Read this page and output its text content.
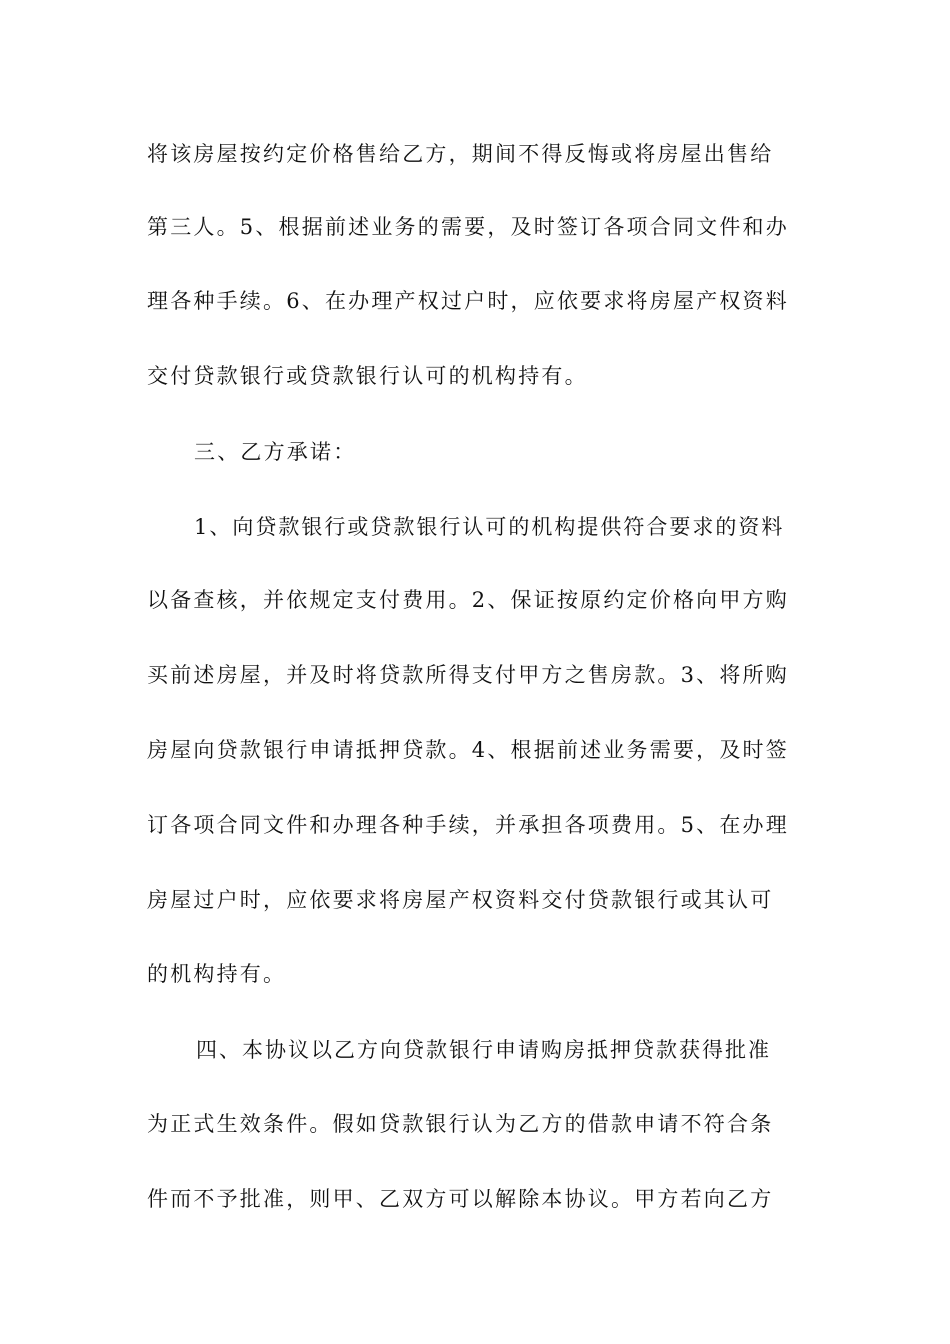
将该房屋按约定价格售给乙方，期间不得反悔或将房屋出售给
第三人。5、根据前述业务的需要，及时签订各项合同文件和办
理各种手续。6、在办理产权过户时，应依要求将房屋产权资料
交付贷款银行或贷款银行认可的机构持有。
三、乙方承诺：
1、向贷款银行或贷款银行认可的机构提供符合要求的资料
以备查核，并依规定支付费用。2、保证按原约定价格向甲方购
买前述房屋，并及时将贷款所得支付甲方之售房款。3、将所购
房屋向贷款银行申请抵押贷款。4、根据前述业务需要，及时签
订各项合同文件和办理各种手续，并承担各项费用。5、在办理
房屋过户时，应依要求将房屋产权资料交付贷款银行或其认可
的机构持有。
四、本协议以乙方向贷款银行申请购房抵押贷款获得批准
为正式生效条件。假如贷款银行认为乙方的借款申请不符合条
件而不予批准，则甲、乙双方可以解除本协议。甲方若向乙方
